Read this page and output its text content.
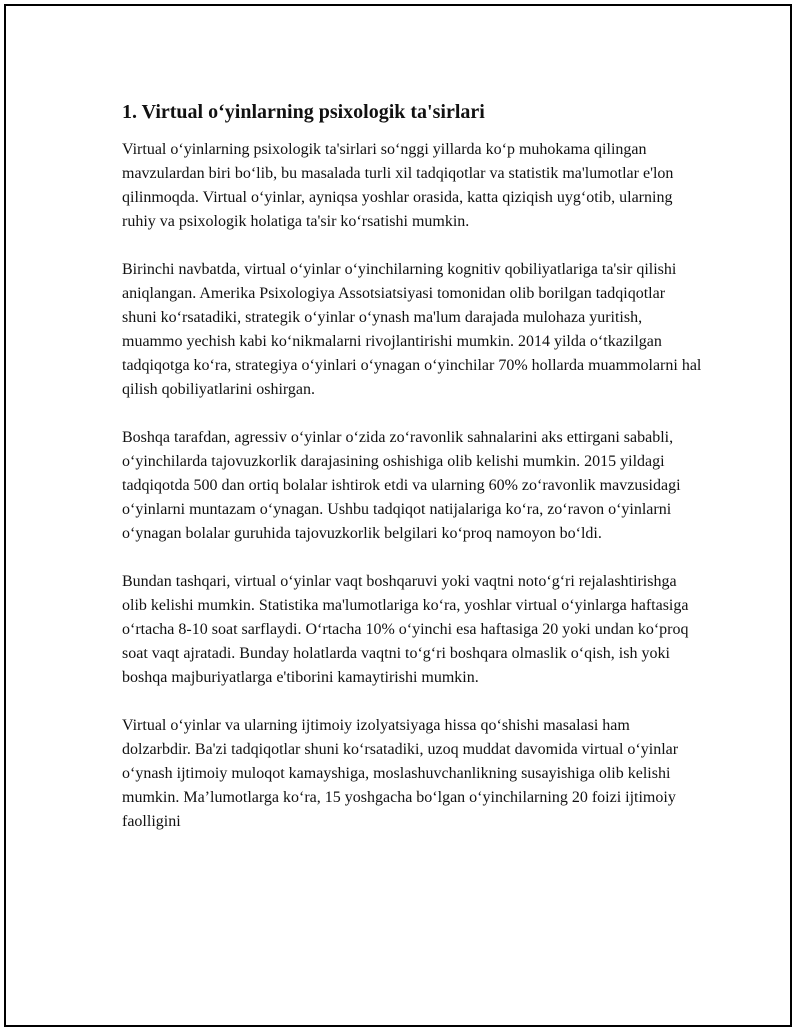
1. Virtual o‘yinlarning psixologik ta'sirlari

Virtual o‘yinlarning psixologik ta'sirlari so‘nggi yillarda ko‘p muhokama qilingan mavzulardan biri bo‘lib, bu masalada turli xil tadqiqotlar va statistik ma'lumotlar e'lon qilinmoqda. Virtual o‘yinlar, ayniqsa yoshlar orasida, katta qiziqish uyg‘otib, ularning ruhiy va psixologik holatiga ta'sir ko‘rsatishi mumkin.

Birinchi navbatda, virtual o‘yinlar o‘yinchilarning kognitiv qobiliyatlariga ta'sir qilishi aniqlangan. Amerika Psixologiya Assotsiatsiyasi tomonidan olib borilgan tadqiqotlar shuni ko‘rsatadiki, strategik o‘yinlar o‘ynash ma'lum darajada mulohaza yuritish, muammo yechish kabi ko‘nikmalarni rivojlantirishi mumkin. 2014 yilda o‘tkazilgan tadqiqotga ko‘ra, strategiya o‘yinlari o‘ynagan o‘yinchilar 70% hollarda muammolarni hal qilish qobiliyatlarini oshirgan.

Boshqa tarafdan, agressiv o‘yinlar o‘zida zo‘ravonlik sahnalarini aks ettirgani sababli, o‘yinchilarda tajovuzkorlik darajasining oshishiga olib kelishi mumkin. 2015 yildagi tadqiqotda 500 dan ortiq bolalar ishtirok etdi va ularning 60% zo‘ravonlik mavzusidagi o‘yinlarni muntazam o‘ynagan. Ushbu tadqiqot natijalariga ko‘ra, zo‘ravon o‘yinlarni o‘ynagan bolalar guruhida tajovuzkorlik belgilari ko‘proq namoyon bo‘ldi.

Bundan tashqari, virtual o‘yinlar vaqt boshqaruvi yoki vaqtni noto‘g‘ri rejalashtirishga olib kelishi mumkin. Statistika ma'lumotlariga ko‘ra, yoshlar virtual o‘yinlarga haftasiga o‘rtacha 8-10 soat sarflaydi. O‘rtacha 10% o‘yinchi esa haftasiga 20 yoki undan ko‘proq soat vaqt ajratadi. Bunday holatlarda vaqtni to‘g‘ri boshqara olmaslik o‘qish, ish yoki boshqa majburiyatlarga e'tiborini kamaytirishi mumkin.

Virtual o‘yinlar va ularning ijtimoiy izolyatsiyaga hissa qo‘shishi masalasi ham dolzarbdir. Ba'zi tadqiqotlar shuni ko‘rsatadiki, uzoq muddat davomida virtual o‘yinlar o‘ynash ijtimoiy muloqot kamayshiga, moslashuvchanlikning susayishiga olib kelishi mumkin. Ma’lumotlarga ko‘ra, 15 yoshgacha bo‘lgan o‘yinchilarning 20 foizi ijtimoiy faolligini
